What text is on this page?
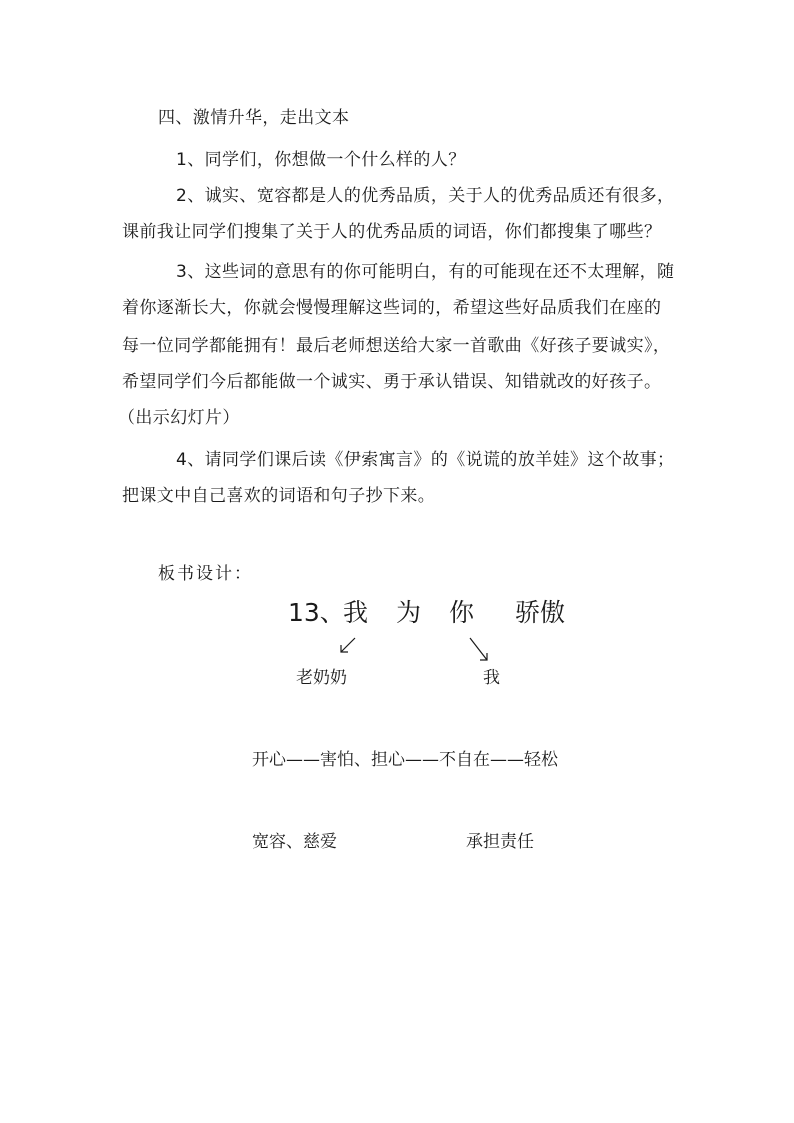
四、激情升华，走出文本
1、同学们，你想做一个什么样的人？
2、诚实、宽容都是人的优秀品质，关于人的优秀品质还有很多，
课前我让同学们搜集了关于人的优秀品质的词语，你们都搜集了哪些？
3、这些词的意思有的你可能明白，有的可能现在还不太理解，随
着你逐渐长大，你就会慢慢理解这些词的，希望这些好品质我们在座的
每一位同学都能拥有！最后老师想送给大家一首歌曲《好孩子要诚实》，
希望同学们今后都能做一个诚实、勇于承认错误、知错就改的好孩子。
（出示幻灯片）
4、请同学们课后读《伊索寓言》的《说谎的放羊娃》这个故事；
把课文中自己喜欢的词语和句子抄下来。
板书设计：
13、
我 为 你 骄傲
老奶奶	我
开心——害怕、担心——不自在——轻松
宽容、慈爱	承担责任
